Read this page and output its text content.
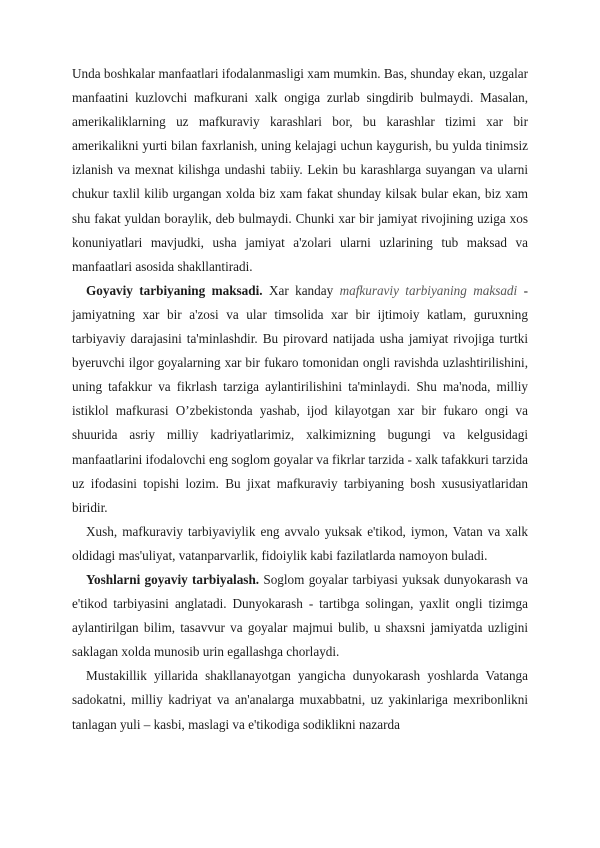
Unda boshkalar manfaatlari ifodalanmasligi xam mumkin. Bas, shunday ekan, uzgalar manfaatini kuzlovchi mafkurani xalk ongiga zurlab singdirib bulmaydi. Masalan, amerikaliklarning uz mafkuraviy karashlari bor, bu karashlar tizimi xar bir amerikalikni yurti bilan faxrlanish, uning kelajagi uchun kaygurish, bu yulda tinimsiz izlanish va mexnat kilishga undashi tabiiy. Lekin bu karashlarga suyangan va ularni chukur taxlil kilib urgangan xolda biz xam fakat shunday kilsak bular ekan, biz xam shu fakat yuldan boraylik, deb bulmaydi. Chunki xar bir jamiyat rivojining uziga xos konuniyatlari mavjudki, usha jamiyat a'zolari ularni uzlarining tub maksad va manfaatlari asosida shakllantiradi.

Goyaviy tarbiyaning maksadi. Xar kanday mafkuraviy tarbiyaning maksadi - jamiyatning xar bir a'zosi va ular timsolida xar bir ijtimoiy katlam, guruxning tarbiyaviy darajasini ta'minlashdir. Bu pirovard natijada usha jamiyat rivojiga turtki byeruvchi ilgor goyalarning xar bir fukaro tomonidan ongli ravishda uzlashtirilishini, uning tafakkur va fikrlash tarziga aylantirilishini ta'minlaydi. Shu ma'noda, milliy istiklol mafkurasi O’zbekistonda yashab, ijod kilayotgan xar bir fukaro ongi va shuurida asriy milliy kadriyatlarimiz, xalkimizning bugungi va kelgusidagi manfaatlarini ifodalovchi eng soglom goyalar va fikrlar tarzida - xalk tafakkuri tarzida uz ifodasini topishi lozim. Bu jixat mafkuraviy tarbiyaning bosh xususiyatlaridan biridir.

Xush, mafkuraviy tarbiyaviylik eng avvalo yuksak e'tikod, iymon, Vatan va xalk oldidagi mas'uliyat, vatanparvarlik, fidoiylik kabi fazilatlarda namoyon buladi.

Yoshlarni goyaviy tarbiyalash. Soglom goyalar tarbiyasi yuksak dunyokarash va e'tikod tarbiyasini anglatadi. Dunyokarash - tartibga solingan, yaxlit ongli tizimga aylantirilgan bilim, tasavvur va goyalar majmui bulib, u shaxsni jamiyatda uzligini saklagan xolda munosib urin egallashga chorlaydi.

Mustakillik yillarida shakllanayotgan yangicha dunyokarash yoshlarda Vatanga sadokatni, milliy kadriyat va an'analarga muxabbatni, uz yakinlariga mexribonlikni tanlagan yuli – kasbi, maslagi va e'tikodiga sodiklikni nazarda
